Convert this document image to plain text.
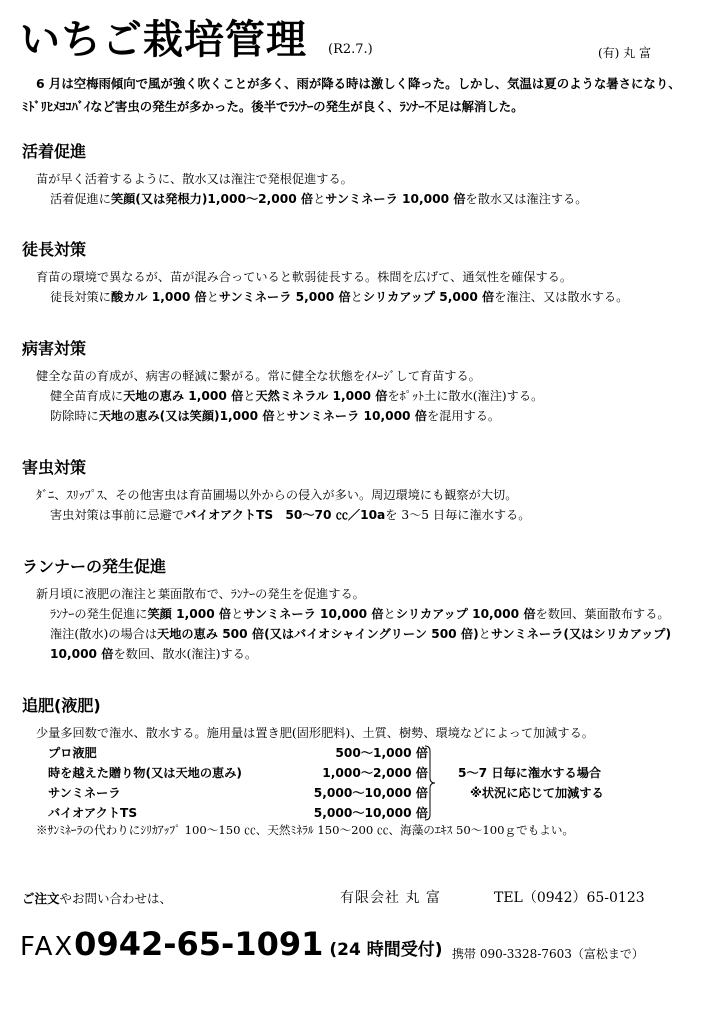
いちご栽培管理 (R2.7.)	(有) 丸 富
6 月は空梅雨傾向で風が強く吹くことが多く、雨が降る時は激しく降った。しかし、気温は夏のような暑さになり、
ﾐﾄﾞﾘﾋﾒﾖｺﾊﾞｲなど害虫の発生が多かった。後半でﾗﾝﾅｰの発生が良く、ﾗﾝﾅｰ不足は解消した。
活着促進
苗が早く活着するように、散水又は潅注で発根促進する。
活着促進に笑顔(又は発根力)1,000～2,000 倍とサンミネーラ 10,000 倍を散水又は潅注する。
徒長対策
育苗の環境で異なるが、苗が混み合っていると軟弱徒長する。株間を広げて、通気性を確保する。
徒長対策に酸カル 1,000 倍とサンミネーラ 5,000 倍とシリカアップ 5,000 倍を潅注、又は散水する。
病害対策
健全な苗の育成が、病害の軽減に繋がる。常に健全な状態をｲﾒｰｼﾞして育苗する。
健全苗育成に天地の恵み 1,000 倍と天然ミネラル 1,000 倍をﾎﾟｯﾄ土に散水(潅注)する。
防除時に天地の恵み(又は笑顔)1,000 倍とサンミネーラ 10,000 倍を混用する。
害虫対策
ﾀﾞﾆ、ｽﾘｯﾌﾟｽ、その他害虫は育苗圃場以外からの侵入が多い。周辺環境にも観察が大切。
害虫対策は事前に忌避でバイオアクトTS　50～70 ㏄／10aを 3～5 日毎に潅水する。
ランナーの発生促進
新月頃に液肥の潅注と葉面散布で、ﾗﾝﾅｰの発生を促進する。
ﾗﾝﾅｰの発生促進に笑顔 1,000 倍とサンミネーラ 10,000 倍とシリカアップ 10,000 倍を数回、葉面散布する。
潅注(散水)の場合は天地の恵み 500 倍(又はバイオシャイングリーン 500 倍)とサンミネーラ(又はシリカアップ)
10,000 倍を数回、散水(潅注)する。
追肥(液肥)
少量多回数で潅水、散水する。施用量は置き肥(固形肥料)、土質、樹勢、環境などによって加減する。
プロ液肥	500～1,000 倍
時を越えた贈り物(又は天地の恵み)	1,000～2,000 倍
サンミネーラ	5,000～10,000 倍
バイオアクトTS	5,000～10,000 倍
5～7 日毎に潅水する場合
※状況に応じて加減する
※ｻﾝﾐﾈｰﾗの代わりにｼﾘｶｱｯﾌﾟ 100～150 ㏄、天然ﾐﾈﾗﾙ 150～200 ㏄、海藻のｴｷｽ 50～100ｇでもよい。
ご注文やお問い合わせは、	有限会社 丸 富	TEL（0942）65-0123
FAX0942-65-1091 (24 時間受付) 携帯 090-3328-7603（富松まで）
